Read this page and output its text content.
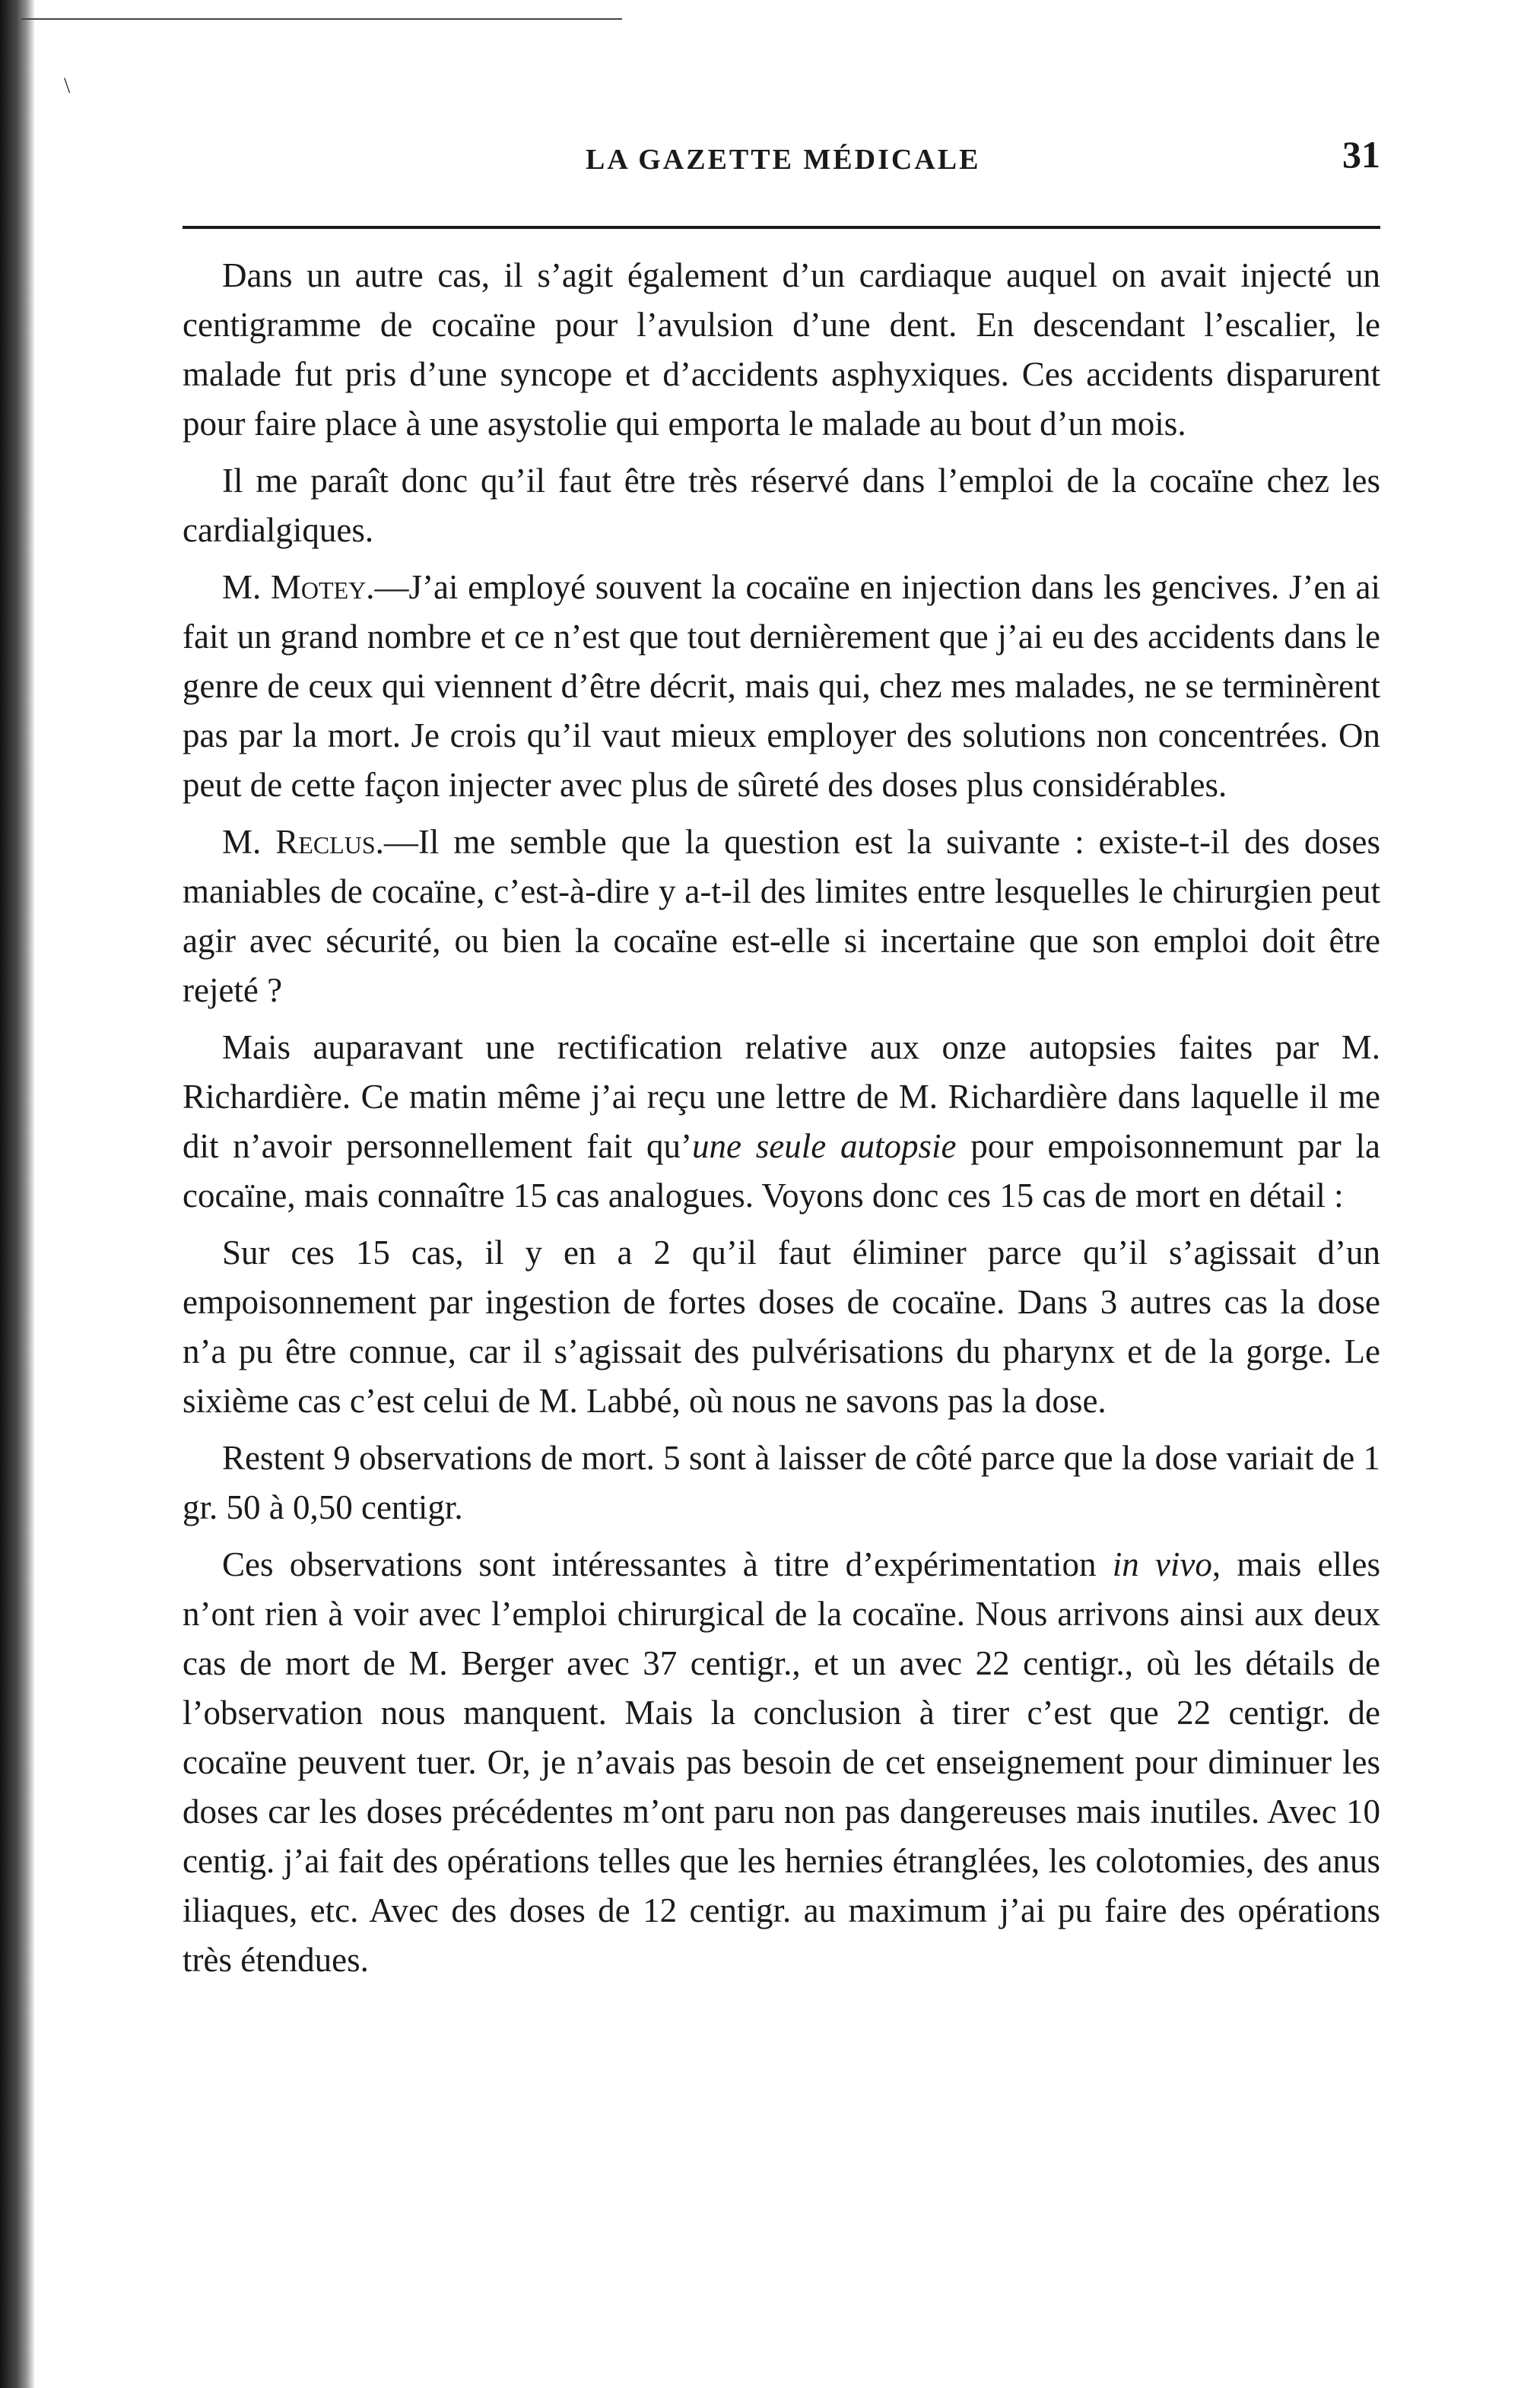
\
LA GAZETTE MÉDICALE	31

Dans un autre cas, il s’agit également d’un cardiaque auquel on avait injecté un centigramme de cocaïne pour l’avulsion d’une dent. En descendant l’escalier, le malade fut pris d’une syncope et d’accidents asphyxiques. Ces accidents disparurent pour faire place à une asystolie qui emporta le malade au bout d’un mois.

Il me paraît donc qu’il faut être très réservé dans l’emploi de la cocaïne chez les cardialgiques.

M. Motey.—J’ai employé souvent la cocaïne en injection dans les gencives. J’en ai fait un grand nombre et ce n’est que tout dernièrement que j’ai eu des accidents dans le genre de ceux qui viennent d’être décrit, mais qui, chez mes malades, ne se terminèrent pas par la mort. Je crois qu’il vaut mieux employer des solutions non concentrées. On peut de cette façon injecter avec plus de sûreté des doses plus considérables.

M. Reclus.—Il me semble que la question est la suivante : existe-t-il des doses maniables de cocaïne, c’est-à-dire y a-t-il des limites entre lesquelles le chirurgien peut agir avec sécurité, ou bien la cocaïne est-elle si incertaine que son emploi doit être rejeté ?

Mais auparavant une rectification relative aux onze autopsies faites par M. Richardière. Ce matin même j’ai reçu une lettre de M. Richardière dans laquelle il me dit n’avoir personnellement fait qu’une seule autopsie pour empoisonnemunt par la cocaïne, mais connaître 15 cas analogues. Voyons donc ces 15 cas de mort en détail :

Sur ces 15 cas, il y en a 2 qu’il faut éliminer parce qu’il s’agissait d’un empoisonnement par ingestion de fortes doses de cocaïne. Dans 3 autres cas la dose n’a pu être connue, car il s’agissait des pulvérisations du pharynx et de la gorge. Le sixième cas c’est celui de M. Labbé, où nous ne savons pas la dose.

Restent 9 observations de mort. 5 sont à laisser de côté parce que la dose variait de 1 gr. 50 à 0,50 centigr.

Ces observations sont intéressantes à titre d’expérimentation in vivo, mais elles n’ont rien à voir avec l’emploi chirurgical de la cocaïne. Nous arrivons ainsi aux deux cas de mort de M. Berger avec 37 centigr., et un avec 22 centigr., où les détails de l’observation nous manquent. Mais la conclusion à tirer c’est que 22 centigr. de cocaïne peuvent tuer. Or, je n’avais pas besoin de cet enseignement pour diminuer les doses car les doses précédentes m’ont paru non pas dangereuses mais inutiles. Avec 10 centig. j’ai fait des opérations telles que les hernies étranglées, les colotomies, des anus iliaques, etc. Avec des doses de 12 centigr. au maximum j’ai pu faire des opérations très étendues.
